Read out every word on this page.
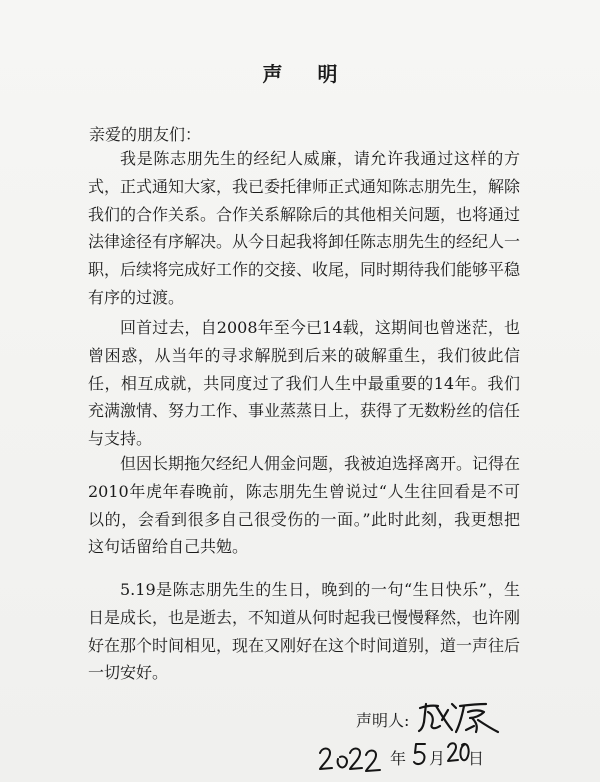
声 明
亲爱的朋友们：

我是陈志朋先生的经纪人威廉，请允许我通过这样的方式，正式通知大家，我已委托律师正式通知陈志朋先生，解除我们的合作关系。合作关系解除后的其他相关问题，也将通过法律途径有序解决。从今日起我将卸任陈志朋先生的经纪人一职，后续将完成好工作的交接、收尾，同时期待我们能够平稳有序的过渡。

回首过去，自2008年至今已14载，这期间也曾迷茫，也曾困惑，从当年的寻求解脱到后来的破解重生，我们彼此信任，相互成就，共同度过了我们人生中最重要的14年。我们充满激情、努力工作、事业蒸蒸日上，获得了无数粉丝的信任与支持。

但因长期拖欠经纪人佣金问题，我被迫选择离开。记得在2010年虎年春晚前，陈志朋先生曾说过“人生往回看是不可以的，会看到很多自己很受伤的一面。”此时此刻，我更想把这句话留给自己共勉。

5.19是陈志朋先生的生日，晚到的一句“生日快乐”，生日是成长，也是逝去，不知道从何时起我已慢慢释然，也许刚好在那个时间相见，现在又刚好在这个时间道别，道一声往后一切安好。

声明人:
年 月 日
